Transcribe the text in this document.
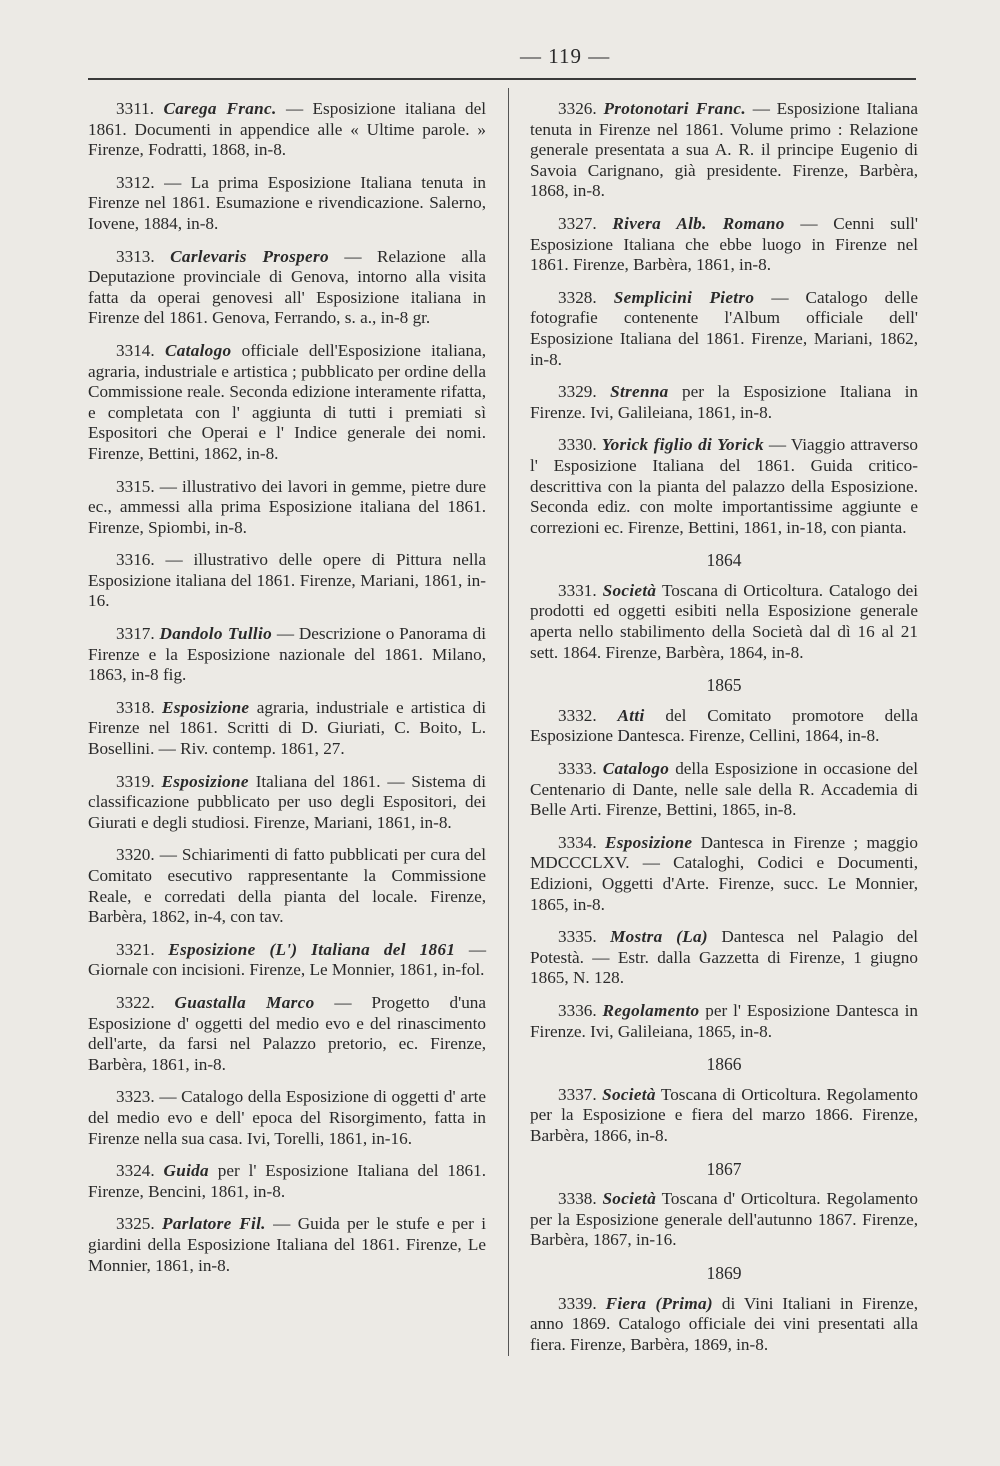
— 119 —

3311. Carega Franc. — Esposizione italiana del 1861. Documenti in appendice alle « Ultime parole. » Firenze, Fodratti, 1868, in-8.

3312. — La prima Esposizione Italiana tenuta in Firenze nel 1861. Esumazione e rivendicazione. Salerno, Iovene, 1884, in-8.

3313. Carlevaris Prospero — Relazione alla Deputazione provinciale di Genova, intorno alla visita fatta da operai genovesi all' Esposizione italiana in Firenze del 1861. Genova, Ferrando, s. a., in-8 gr.

3314. Catalogo officiale dell'Esposizione italiana, agraria, industriale e artistica ; pubblicato per ordine della Commissione reale. Seconda edizione interamente rifatta, e completata con l' aggiunta di tutti i premiati sì Espositori che Operai e l' Indice generale dei nomi. Firenze, Bettini, 1862, in-8.

3315. — illustrativo dei lavori in gemme, pietre dure ec., ammessi alla prima Esposizione italiana del 1861. Firenze, Spiombi, in-8.

3316. — illustrativo delle opere di Pittura nella Esposizione italiana del 1861. Firenze, Mariani, 1861, in-16.

3317. Dandolo Tullio — Descrizione o Panorama di Firenze e la Esposizione nazionale del 1861. Milano, 1863, in-8 fig.

3318. Esposizione agraria, industriale e artistica di Firenze nel 1861. Scritti di D. Giuriati, C. Boito, L. Bosellini. — Riv. contemp. 1861, 27.

3319. Esposizione Italiana del 1861. — Sistema di classificazione pubblicato per uso degli Espositori, dei Giurati e degli studiosi. Firenze, Mariani, 1861, in-8.

3320. — Schiarimenti di fatto pubblicati per cura del Comitato esecutivo rappresentante la Commissione Reale, e corredati della pianta del locale. Firenze, Barbèra, 1862, in-4, con tav.

3321. Esposizione (L') Italiana del 1861 — Giornale con incisioni. Firenze, Le Monnier, 1861, in-fol.

3322. Guastalla Marco — Progetto d'una Esposizione d' oggetti del medio evo e del rinascimento dell'arte, da farsi nel Palazzo pretorio, ec. Firenze, Barbèra, 1861, in-8.

3323. — Catalogo della Esposizione di oggetti d' arte del medio evo e dell' epoca del Risorgimento, fatta in Firenze nella sua casa. Ivi, Torelli, 1861, in-16.

3324. Guida per l' Esposizione Italiana del 1861. Firenze, Bencini, 1861, in-8.

3325. Parlatore Fil. — Guida per le stufe e per i giardini della Esposizione Italiana del 1861. Firenze, Le Monnier, 1861, in-8.

3326. Protonotari Franc. — Esposizione Italiana tenuta in Firenze nel 1861. Volume primo : Relazione generale presentata a sua A. R. il principe Eugenio di Savoia Carignano, già presidente. Firenze, Barbèra, 1868, in-8.

3327. Rivera Alb. Romano — Cenni sull' Esposizione Italiana che ebbe luogo in Firenze nel 1861. Firenze, Barbèra, 1861, in-8.

3328. Semplicini Pietro — Catalogo delle fotografie contenente l'Album officiale dell' Esposizione Italiana del 1861. Firenze, Mariani, 1862, in-8.

3329. Strenna per la Esposizione Italiana in Firenze. Ivi, Galileiana, 1861, in-8.

3330. Yorick figlio di Yorick — Viaggio attraverso l' Esposizione Italiana del 1861. Guida critico-descrittiva con la pianta del palazzo della Esposizione. Seconda ediz. con molte importantissime aggiunte e correzioni ec. Firenze, Bettini, 1861, in-18, con pianta.

1864

3331. Società Toscana di Orticoltura. Catalogo dei prodotti ed oggetti esibiti nella Esposizione generale aperta nello stabilimento della Società dal dì 16 al 21 sett. 1864. Firenze, Barbèra, 1864, in-8.

1865

3332. Atti del Comitato promotore della Esposizione Dantesca. Firenze, Cellini, 1864, in-8.

3333. Catalogo della Esposizione in occasione del Centenario di Dante, nelle sale della R. Accademia di Belle Arti. Firenze, Bettini, 1865, in-8.

3334. Esposizione Dantesca in Firenze ; maggio MDCCCLXV. — Cataloghi, Codici e Documenti, Edizioni, Oggetti d'Arte. Firenze, succ. Le Monnier, 1865, in-8.

3335. Mostra (La) Dantesca nel Palagio del Potestà. — Estr. dalla Gazzetta di Firenze, 1 giugno 1865, N. 128.

3336. Regolamento per l' Esposizione Dantesca in Firenze. Ivi, Galileiana, 1865, in-8.

1866

3337. Società Toscana di Orticoltura. Regolamento per la Esposizione e fiera del marzo 1866. Firenze, Barbèra, 1866, in-8.

1867

3338. Società Toscana d' Orticoltura. Regolamento per la Esposizione generale dell'autunno 1867. Firenze, Barbèra, 1867, in-16.

1869

3339. Fiera (Prima) di Vini Italiani in Firenze, anno 1869. Catalogo officiale dei vini presentati alla fiera. Firenze, Barbèra, 1869, in-8.
